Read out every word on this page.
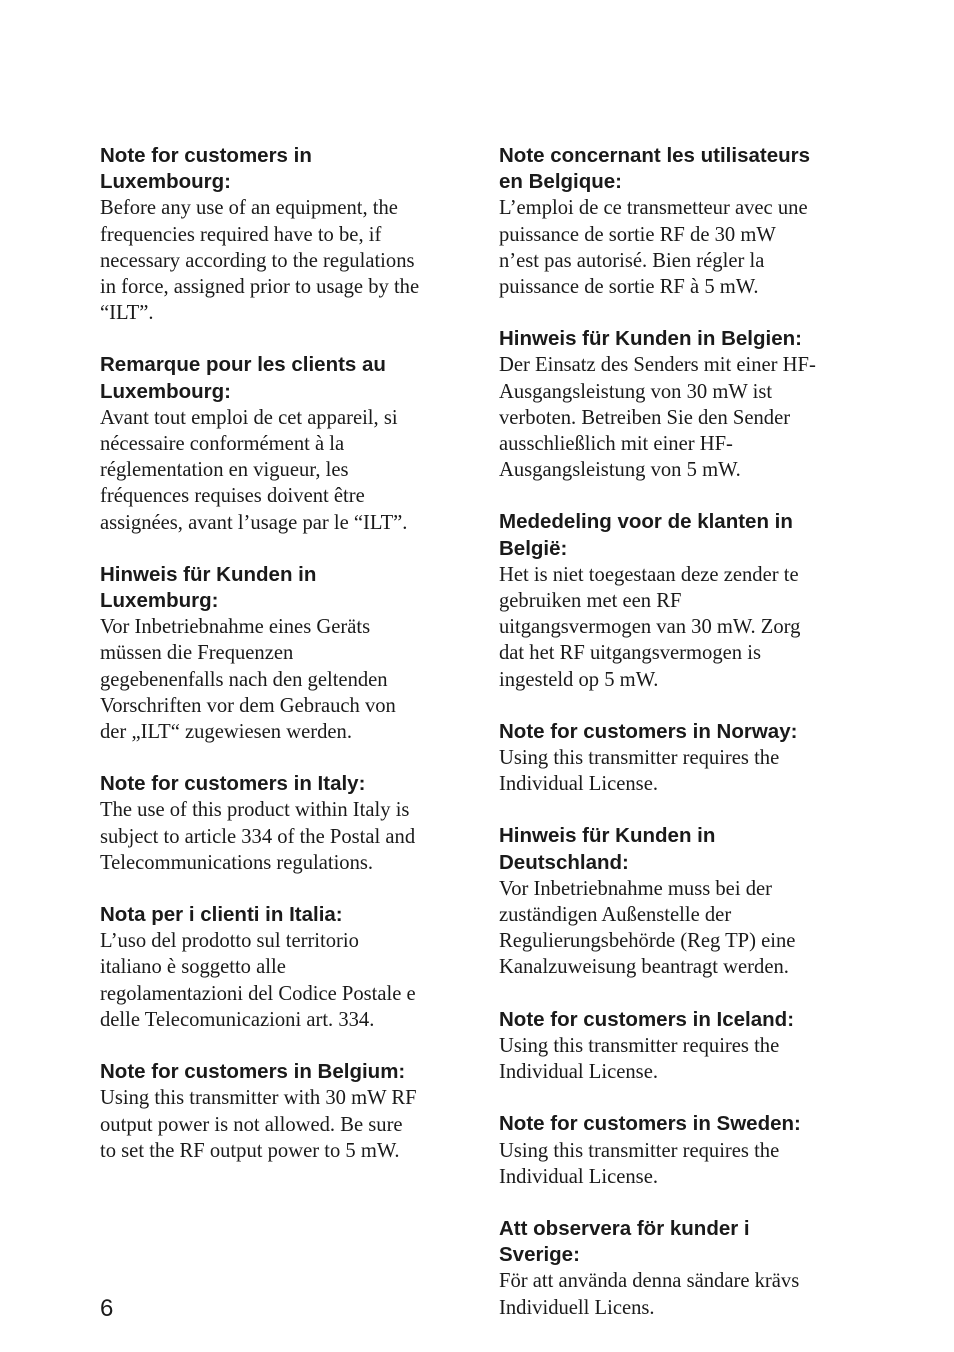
Note for customers in
Luxembourg:
Before any use of an equipment, the
frequencies required have to be, if
necessary according to the regulations
in force, assigned prior to usage by the
“ILT”.
Remarque pour les clients au
Luxembourg:
Avant tout emploi de cet appareil, si
nécessaire conformément à la
réglementation en vigueur, les
fréquences requises doivent être
assignées, avant l’usage par le “ILT”.
Hinweis für Kunden in
Luxemburg:
Vor Inbetriebnahme eines Geräts
müssen die Frequenzen
gegebenenfalls nach den geltenden
Vorschriften vor dem Gebrauch von
der „ILT“ zugewiesen werden.
Note for customers in Italy:
The use of this product within Italy is
subject to article 334 of the Postal and
Telecommunications regulations.
Nota per i clienti in Italia:
L’uso del prodotto sul territorio
italiano è soggetto alle
regolamentazioni del Codice Postale e
delle Telecomunicazioni art. 334.
Note for customers in Belgium:
Using this transmitter with 30 mW RF
output power is not allowed. Be sure
to set the RF output power to 5 mW.
Note concernant les utilisateurs
en Belgique:
L’emploi de ce transmetteur avec une
puissance de sortie RF de 30 mW
n’est pas autorisé. Bien régler la
puissance de sortie RF à 5 mW.
Hinweis für Kunden in Belgien:
Der Einsatz des Senders mit einer HF-
Ausgangsleistung von 30 mW ist
verboten. Betreiben Sie den Sender
ausschließlich mit einer HF-
Ausgangsleistung von 5 mW.
Mededeling voor de klanten in
België:
Het is niet toegestaan deze zender te
gebruiken met een RF
uitgangsvermogen van 30 mW. Zorg
dat het RF uitgangsvermogen is
ingesteld op 5 mW.
Note for customers in Norway:
Using this transmitter requires the
Individual License.
Hinweis für Kunden in
Deutschland:
Vor Inbetriebnahme muss bei der
zuständigen Außenstelle der
Regulierungsbehörde (Reg TP) eine
Kanalzuweisung beantragt werden.
Note for customers in Iceland:
Using this transmitter requires the
Individual License.
Note for customers in Sweden:
Using this transmitter requires the
Individual License.
Att observera för kunder i
Sverige:
För att använda denna sändare krävs
Individuell Licens.
6
